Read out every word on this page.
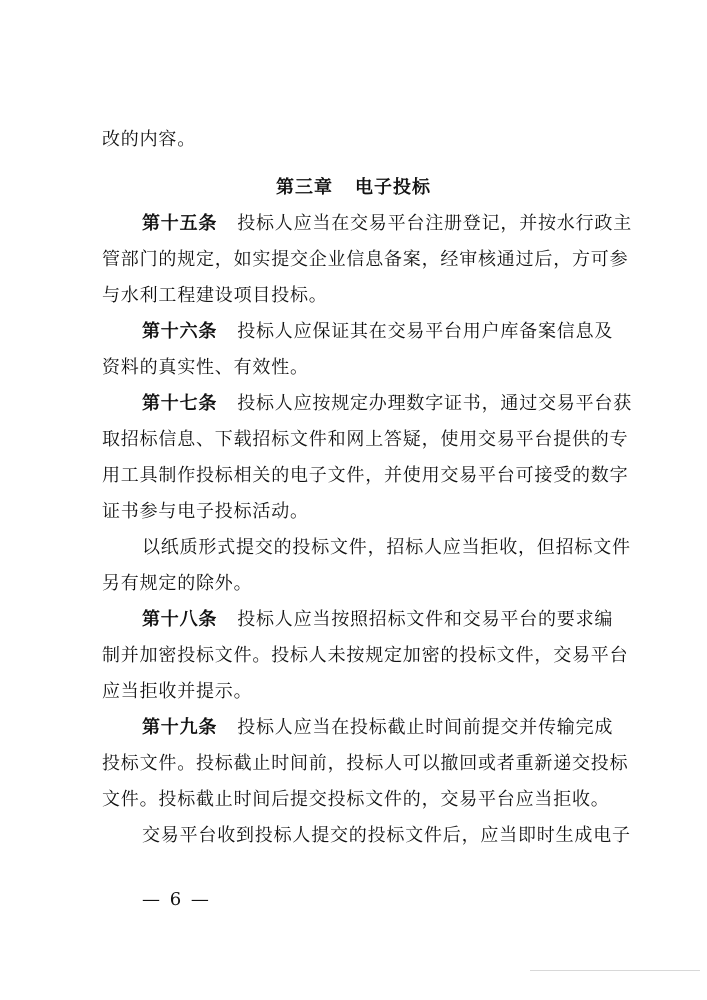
改的内容。
第三章 电子投标
第十五条 投标人应当在交易平台注册登记，并按水行政主
管部门的规定，如实提交企业信息备案，经审核通过后，方可参
与水利工程建设项目投标。
第十六条 投标人应保证其在交易平台用户库备案信息及
资料的真实性、有效性。
第十七条 投标人应按规定办理数字证书，通过交易平台获
取招标信息、下载招标文件和网上答疑，使用交易平台提供的专
用工具制作投标相关的电子文件，并使用交易平台可接受的数字
证书参与电子投标活动。
以纸质形式提交的投标文件，招标人应当拒收，但招标文件
另有规定的除外。
第十八条 投标人应当按照招标文件和交易平台的要求编
制并加密投标文件。投标人未按规定加密的投标文件，交易平台
应当拒收并提示。
第十九条 投标人应当在投标截止时间前提交并传输完成
投标文件。投标截止时间前，投标人可以撤回或者重新递交投标
文件。投标截止时间后提交投标文件的，交易平台应当拒收。
交易平台收到投标人提交的投标文件后，应当即时生成电子
— 6 —
